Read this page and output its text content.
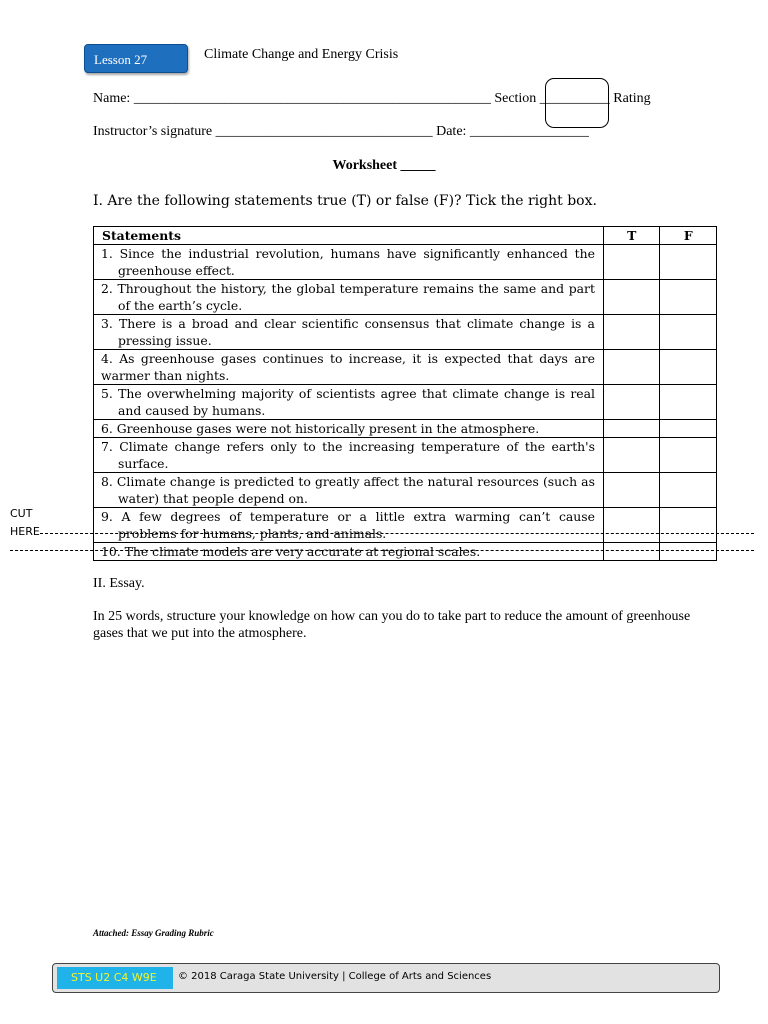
Lesson 27	Climate Change and Energy Crisis
Name: ___________________________________________________ Section __________ Rating
Instructor’s signature _______________________________ Date: _________________
Worksheet _____
I. Are the following statements true (T) or false (F)? Tick the right box.
Statements	T	F

1. Since the industrial revolution, humans have significantly enhanced the greenhouse effect.		

2. Throughout the history, the global temperature remains the same and part of the earth’s cycle.		

3. There is a broad and clear scientific consensus that climate change is a pressing issue.		

4. As greenhouse gases continues to increase, it is expected that days are warmer than nights.		

5. The overwhelming majority of scientists agree that climate change is real and caused by humans.		

6. Greenhouse gases were not historically present in the atmosphere.		

7. Climate change refers only to the increasing temperature of the earth's surface.		

8. Climate change is predicted to greatly affect the natural resources (such as water) that people depend on.		

9. A few degrees of temperature or a little extra warming can’t cause problems for humans, plants, and animals.		

10. The climate models are very accurate at regional scales.		
CUT
HERE
II. Essay.
In 25 words, structure your knowledge on how can you do to take part to reduce the amount of greenhouse gases that we put into the atmosphere.
Attached: Essay Grading Rubric
STS U2 C4 W9E	© 2018 Caraga State University | College of Arts and Sciences
